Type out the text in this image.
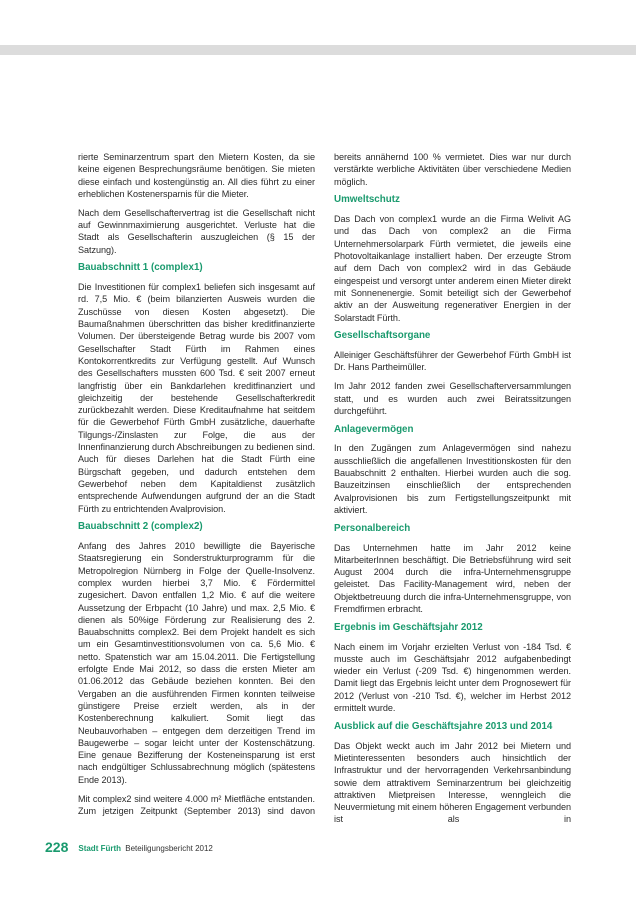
rierte Seminarzentrum spart den Mietern Kosten, da sie keine eigenen Besprechungsräume benötigen. Sie mieten diese einfach und kostengünstig an. All dies führt zu einer erheblichen Kostenersparnis für die Mieter.

Nach dem Gesellschaftervertrag ist die Gesellschaft nicht auf Gewinnmaximierung ausgerichtet. Verluste hat die Stadt als Gesellschafterin auszugleichen (§ 15 der Satzung).

Bauabschnitt 1 (complex1)

Die Investitionen für complex1 beliefen sich insgesamt auf rd. 7,5 Mio. € (beim bilanzierten Ausweis wurden die Zuschüsse von diesen Kosten abgesetzt). Die Baumaßnahmen überschritten das bisher kreditfinanzierte Volumen. Der übersteigende Betrag wurde bis 2007 vom Gesellschafter Stadt Fürth im Rahmen eines Kontokorrentkredits zur Verfügung gestellt. Auf Wunsch des Gesellschafters mussten 600 Tsd. € seit 2007 erneut langfristig über ein Bankdarlehen kreditfinanziert und gleichzeitig der bestehende Gesellschafterkredit zurückbezahlt werden. Diese Kreditaufnahme hat seitdem für die Gewerbehof Fürth GmbH zusätzliche, dauerhafte Tilgungs-/Zinslasten zur Folge, die aus der Innenfinanzierung durch Abschreibungen zu bedienen sind. Auch für dieses Darlehen hat die Stadt Fürth eine Bürgschaft gegeben, und dadurch entstehen dem Gewerbehof neben dem Kapitaldienst zusätzlich entsprechende Aufwendungen aufgrund der an die Stadt Fürth zu entrichtenden Avalprovision.

Bauabschnitt 2 (complex2)

Anfang des Jahres 2010 bewilligte die Bayerische Staatsregierung ein Sonderstrukturprogramm für die Metropolregion Nürnberg in Folge der Quelle-Insolvenz. complex wurden hierbei 3,7 Mio. € Fördermittel zugesichert. Davon entfallen 1,2 Mio. € auf die weitere Aussetzung der Erbpacht (10 Jahre) und max. 2,5 Mio. € dienen als 50%ige Förderung zur Realisierung des 2. Bauabschnitts complex2. Bei dem Projekt handelt es sich um ein Gesamtinvestitionsvolumen von ca. 5,6 Mio. € netto. Spatenstich war am 15.04.2011. Die Fertigstellung erfolgte Ende Mai 2012, so dass die ersten Mieter am 01.06.2012 das Gebäude beziehen konnten. Bei den Vergaben an die ausführenden Firmen konnten teilweise günstigere Preise erzielt werden, als in der Kostenberechnung kalkuliert. Somit liegt das Neubauvorhaben – entgegen dem derzeitigen Trend im Baugewerbe – sogar leicht unter der Kostenschätzung. Eine genaue Bezifferung der Kosteneinsparung ist erst nach endgültiger Schlussabrechnung möglich (spätestens Ende 2013).

Mit complex2 sind weitere 4.000 m² Mietfläche entstanden. Zum jetzigen Zeitpunkt (September 2013) sind davon

bereits annähernd 100 % vermietet. Dies war nur durch verstärkte werbliche Aktivitäten über verschiedene Medien möglich.

Umweltschutz

Das Dach von complex1 wurde an die Firma Welivit AG und das Dach von complex2 an die Firma Unternehmersolarpark Fürth vermietet, die jeweils eine Photovoltaikanlage installiert haben. Der erzeugte Strom auf dem Dach von complex2 wird in das Gebäude eingespeist und versorgt unter anderem einen Mieter direkt mit Sonnenenergie. Somit beteiligt sich der Gewerbehof aktiv an der Ausweitung regenerativer Energien in der Solarstadt Fürth.

Gesellschaftsorgane

Alleiniger Geschäftsführer der Gewerbehof Fürth GmbH ist Dr. Hans Partheimüller.

Im Jahr 2012 fanden zwei Gesellschafterversammlungen statt, und es wurden auch zwei Beiratssitzungen durchgeführt.

Anlagevermögen

In den Zugängen zum Anlagevermögen sind nahezu ausschließlich die angefallenen Investitionskosten für den Bauabschnitt 2 enthalten. Hierbei wurden auch die sog. Bauzeitzinsen einschließlich der entsprechenden Avalprovisionen bis zum Fertigstellungszeitpunkt mit aktiviert.

Personalbereich

Das Unternehmen hatte im Jahr 2012 keine MitarbeiterInnen beschäftigt. Die Betriebsführung wird seit August 2004 durch die infra-Unternehmensgruppe geleistet. Das Facility-Management wird, neben der Objektbetreuung durch die infra-Unternehmensgruppe, von Fremdfirmen erbracht.

Ergebnis im Geschäftsjahr 2012

Nach einem im Vorjahr erzielten Verlust von -184 Tsd. € musste auch im Geschäftsjahr 2012 aufgabenbedingt wieder ein Verlust (-209 Tsd. €) hingenommen werden. Damit liegt das Ergebnis leicht unter dem Prognosewert für 2012 (Verlust von -210 Tsd. €), welcher im Herbst 2012 ermittelt wurde.

Ausblick auf die Geschäftsjahre 2013 und 2014

Das Objekt weckt auch im Jahr 2012 bei Mietern und Mietinteressenten besonders auch hinsichtlich der Infrastruktur und der hervorragenden Verkehrsanbindung sowie dem attraktivem Seminarzentrum bei gleichzeitig attraktiven Mietpreisen Interesse, wenngleich die Neuvermietung mit einem höheren Engagement verbunden ist als in

228 Stadt Fürth Beteiligungsbericht 2012
